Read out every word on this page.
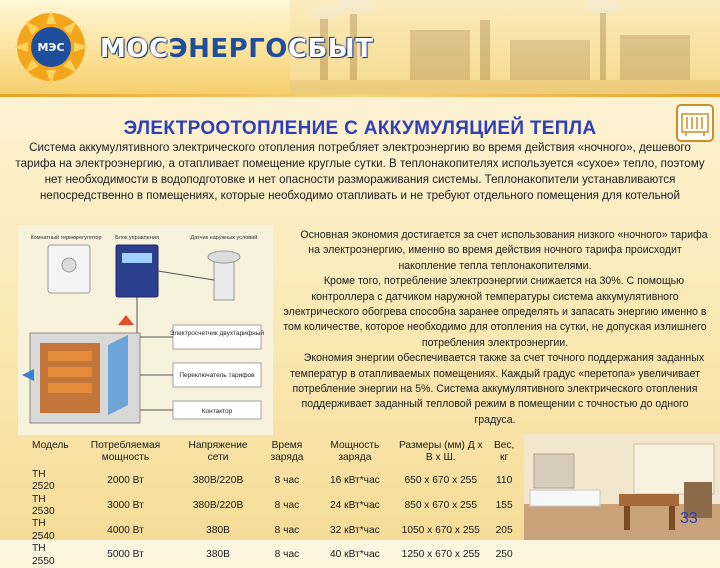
МЭС МОСЭНЕРГОСБЫТ
ЭЛЕКТРООТОПЛЕНИЕ С АККУМУЛЯЦИЕЙ ТЕПЛА
Система аккумулятивного электрического отопления потребляет электроэнергию во время действия «ночного», дешевого тарифа на электроэнергию, а отапливает помещение круглые сутки. В теплонакопителях используется «сухое» тепло, поэтому нет необходимости в водоподготовке и нет опасности размораживания системы. Теплонакопители устанавливаются непосредственно в помещениях, которые необходимо отапливать и не требуют отдельного помещения для котельной
Комнатный терморегулятор Блок управления	Датчик наружных условий
Электросчетчик двухтарифный
Переключатель тарифов
Контактор

Основная экономия достигается за счет использования низкого «ночного» тарифа на электроэнергию, именно во время действия ночного тарифа происходит накопление тепла теплонакопителями.

Кроме того, потребление электроэнергии снижается на 30%. С помощью контроллера с датчиком наружной температуры система аккумулятивного электрического обогрева способна заранее определять и запасать энергию именно в том количестве, которое необходимо для отопления на сутки, не допуская излишнего потребления электроэнергии.

Экономия энергии обеспечивается также за счет точного поддержания заданных температур в отапливаемых помещениях. Каждый градус «перетопа» увеличивает потребление энергии на 5%. Система аккумулятивного электрического отопления поддерживает заданный тепловой режим в помещении с точностью до одного градуса.

Модель	Потребляемая мощность	Напряжение сети	Время заряда	Мощность заряда	Размеры (мм) Д х В х Ш.	Вес, кг
ТН 2520	2000 Вт	380В/220В	8 час	16 кВт*час	650 х 670 х 255	110
ТН 2530	3000 Вт	380В/220В	8 час	24 кВт*час	850 х 670 х 255	155
ТН 2540	4000 Вт	380В	8 час	32 кВт*час	1050 х 670 х 255	205
ТН 2550	5000 Вт	380В	8 час	40 кВт*час	1250 х 670 х 255	250
33
